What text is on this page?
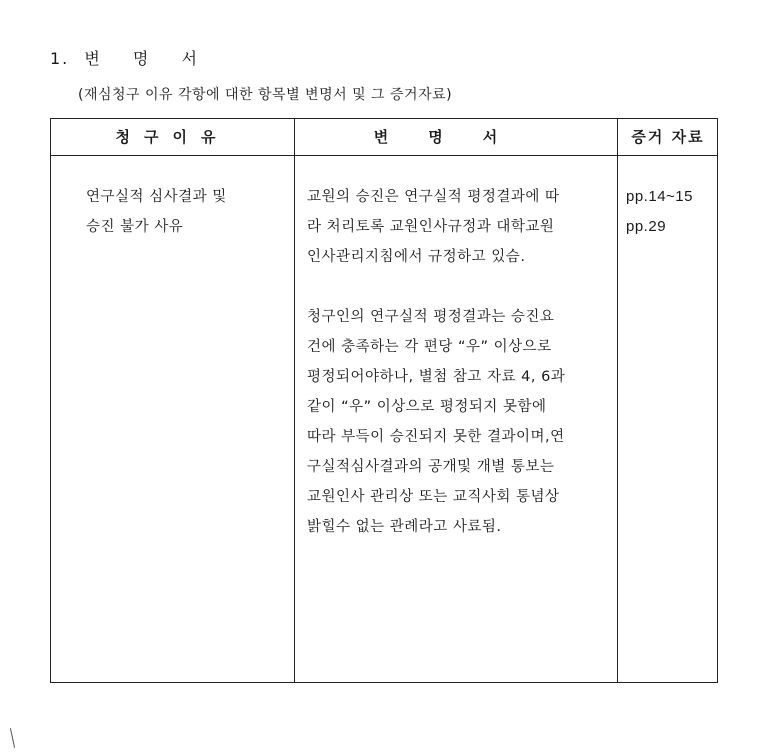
1. 변 명 서
(재심청구 이유 각항에 대한 항목별 변명서 및 그 증거자료)
청구이유	변명서	증거 자료
연구실적 심사결과 및
승진 불가 사유
교원의 승진은 연구실적 평정결과에 따
라 처리토록 교원인사규정과 대학교원
인사관리지침에서 규정하고 있슴.
청구인의 연구실적 평정결과는 승진요
건에 충족하는 각 편당 “우” 이상으로
평정되어야하나, 별첨 참고 자료 4, 6과
같이 “우” 이상으로 평정되지 못함에
따라 부득이 승진되지 못한 결과이며,연
구실적심사결과의 공개및 개별 통보는
교원인사 관리상 또는 교직사회 통념상
밝힐수 없는 관례라고 사료됨.
pp.14~15
pp.29
